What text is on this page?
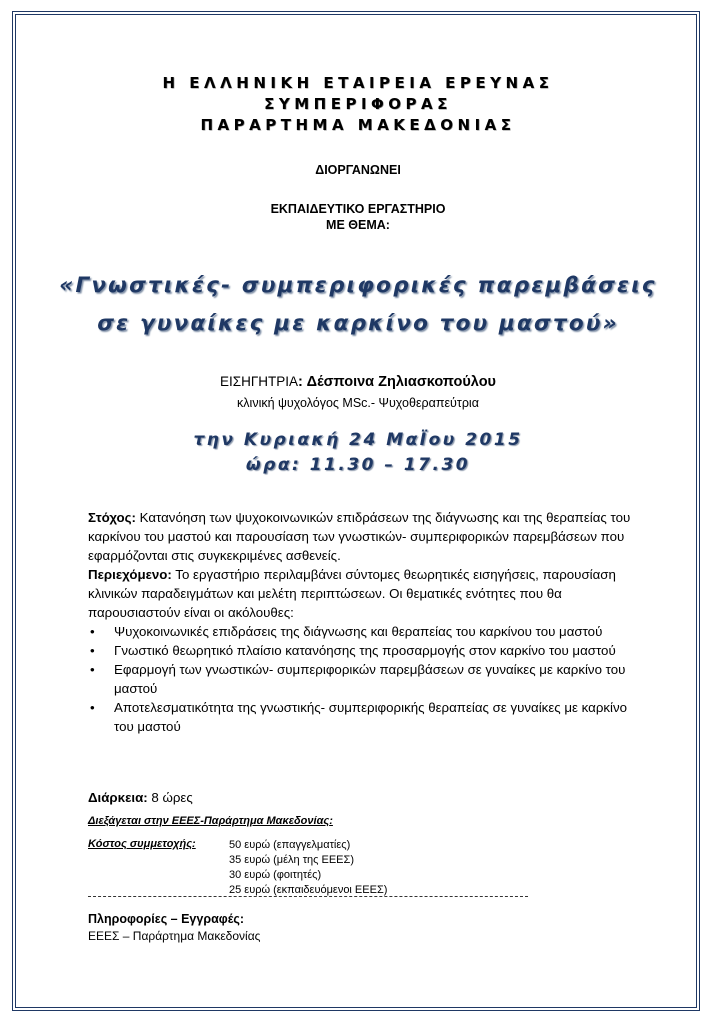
Η ΕΛΛΗΝΙΚΗ ΕΤΑΙΡΕΙΑ ΕΡΕΥΝΑΣ
ΣΥΜΠΕΡΙΦΟΡΑΣ
ΠΑΡΑΡΤΗΜΑ ΜΑΚΕΔΟΝΙΑΣ
ΔΙΟΡΓΑΝΩΝΕΙ
ΕΚΠΑΙΔΕΥΤΙΚΟ ΕΡΓΑΣΤΗΡΙΟ
ΜΕ ΘΕΜΑ:
«Γνωστικές- συμπεριφορικές παρεμβάσεις
σε γυναίκες με καρκίνο του μαστού»
ΕΙΣΗΓΗΤΡΙΑ: Δέσποινα Ζηλιασκοπούλου
κλινική ψυχολόγος MSc.- Ψυχοθεραπεύτρια
την Κυριακή 24 ΜαΪου 2015
ώρα: 11.30 – 17.30

Στόχος: Κατανόηση των ψυχοκοινωνικών επιδράσεων της διάγνωσης και της θεραπείας του καρκίνου του μαστού και παρουσίαση των γνωστικών- συμπεριφορικών παρεμβάσεων που εφαρμόζονται στις συγκεκριμένες ασθενείς.

Περιεχόμενο: Το εργαστήριο περιλαμβάνει σύντομες θεωρητικές εισηγήσεις, παρουσίαση κλινικών παραδειγμάτων και μελέτη περιπτώσεων. Οι θεματικές ενότητες που θα παρουσιαστούν είναι οι ακόλουθες:

• Ψυχοκοινωνικές επιδράσεις της διάγνωσης και θεραπείας του καρκίνου του μαστού
• Γνωστικό θεωρητικό πλαίσιο κατανόησης της προσαρμογής στον καρκίνο του μαστού
• Εφαρμογή των γνωστικών- συμπεριφορικών παρεμβάσεων σε γυναίκες με καρκίνο του μαστού
• Αποτελεσματικότητα της γνωστικής- συμπεριφορικής θεραπείας σε γυναίκες με καρκίνο του μαστού
Διάρκεια: 8 ώρες
Διεξάγεται στην ΕΕΕΣ-Παράρτημα Μακεδονίας:
Κόστος συμμετοχής:	50 ευρώ (επαγγελματίες)
35 ευρώ (μέλη της ΕΕΕΣ)
30 ευρώ (φοιτητές)
25 ευρώ (εκπαιδευόμενοι ΕΕΕΣ)
Πληροφορίες – Εγγραφές:
ΕΕΕΣ – Παράρτημα Μακεδονίας
